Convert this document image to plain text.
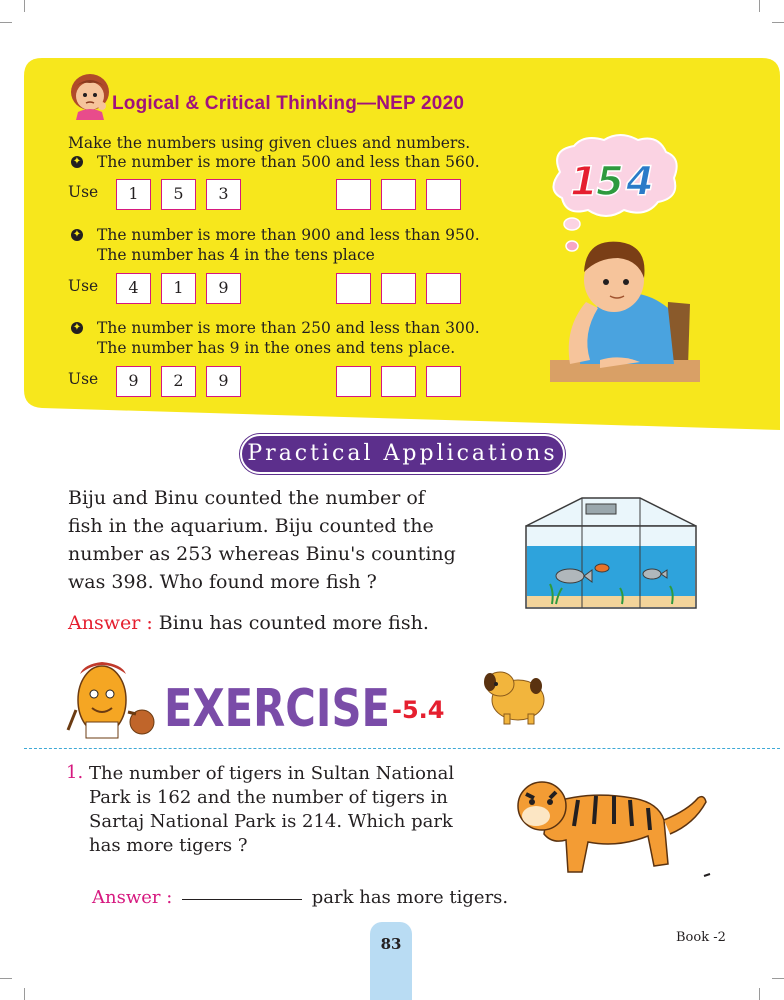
Logical & Critical Thinking—NEP 2020
Make the numbers using given clues and numbers.
✦ The number is more than 500 and less than 560.
Use	1	5	3
✦ The number is more than 900 and less than 950.
The number has 4 in the tens place
Use	4	1	9
✦ The number is more than 250 and less than 300.
The number has 9 in the ones and tens place.
Use	9	2	9
1
5 4
Practical Applications
Biju and Binu counted the number of
fish in the aquarium. Biju counted the
number as 253 whereas Binu's counting
was 398. Who found more fish ?
Answer : Binu has counted more fish.
EXERCISE -5.4
1. The number of tigers in Sultan National
Park is 162 and the number of tigers in
Sartaj National Park is 214. Which park
has more tigers ?
Answer :	park has more tigers.
83	Book -2
